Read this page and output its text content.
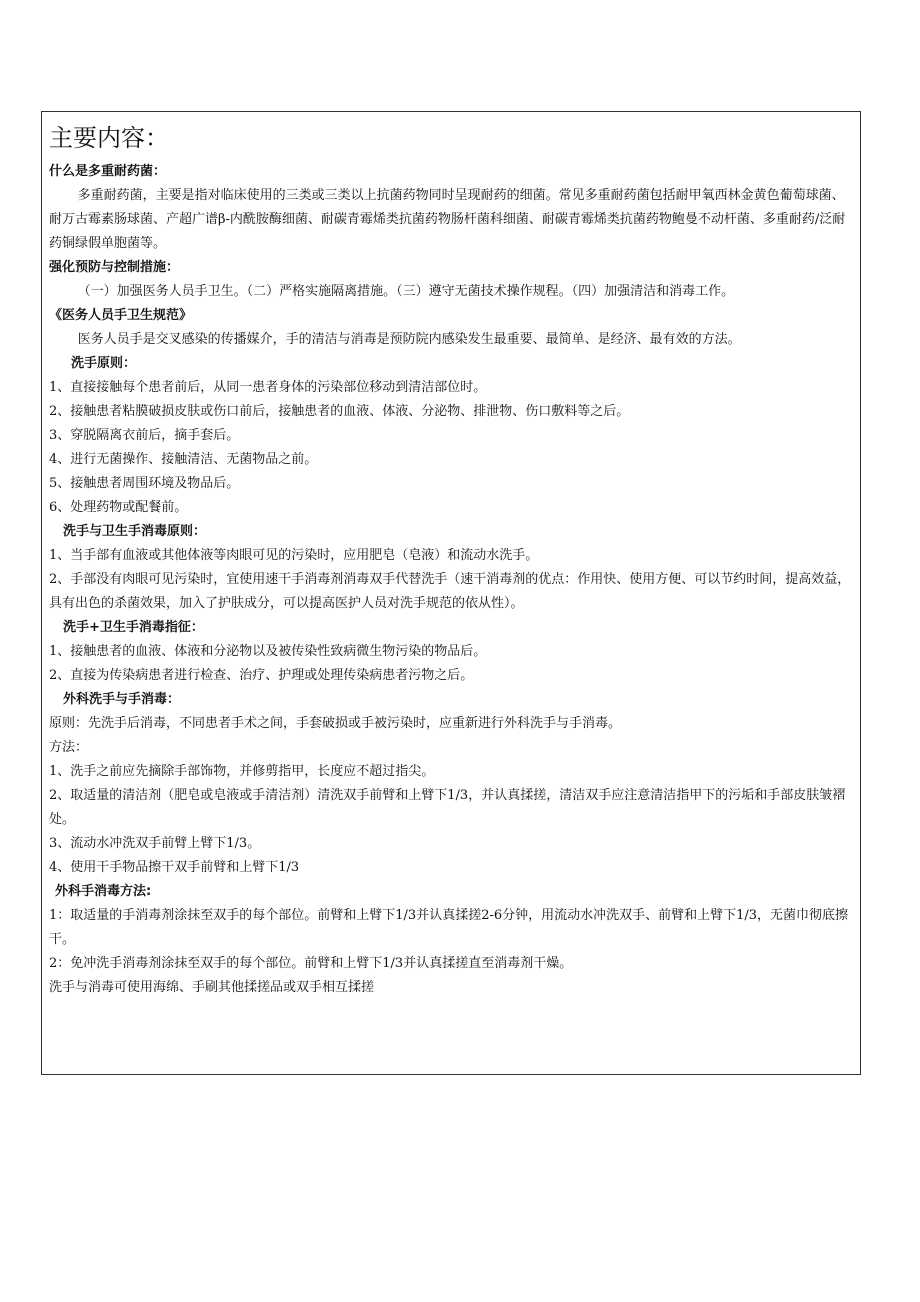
主要内容：
什么是多重耐药菌：
多重耐药菌，主要是指对临床使用的三类或三类以上抗菌药物同时呈现耐药的细菌。常见多重耐药菌包括耐甲氧西林金黄色葡萄球菌、耐万古霉素肠球菌、产超广谱β-内酰胺酶细菌、耐碳青霉烯类抗菌药物肠杆菌科细菌、耐碳青霉烯类抗菌药物鲍曼不动杆菌、多重耐药/泛耐药铜绿假单胞菌等。
强化预防与控制措施：
（一）加强医务人员手卫生。（二）严格实施隔离措施。（三）遵守无菌技术操作规程。（四）加强清洁和消毒工作。
《医务人员手卫生规范》
医务人员手是交叉感染的传播媒介，手的清洁与消毒是预防院内感染发生最重要、最简单、是经济、最有效的方法。
洗手原则：
1、直接接触每个患者前后，从同一患者身体的污染部位移动到清洁部位时。
2、接触患者粘膜破损皮肤或伤口前后，接触患者的血液、体液、分泌物、排泄物、伤口敷料等之后。
3、穿脱隔离衣前后，摘手套后。
4、进行无菌操作、接触清洁、无菌物品之前。
5、接触患者周围环境及物品后。
6、处理药物或配餐前。
洗手与卫生手消毒原则：
1、当手部有血液或其他体液等肉眼可见的污染时，应用肥皂（皂液）和流动水洗手。
2、手部没有肉眼可见污染时，宜使用速干手消毒剂消毒双手代替洗手（速干消毒剂的优点：作用快、使用方便、可以节约时间，提高效益，具有出色的杀菌效果，加入了护肤成分，可以提高医护人员对洗手规范的依从性）。
洗手+卫生手消毒指征：
1、接触患者的血液、体液和分泌物以及被传染性致病微生物污染的物品后。
2、直接为传染病患者进行检查、治疗、护理或处理传染病患者污物之后。
外科洗手与手消毒：
原则：先洗手后消毒，不同患者手术之间，手套破损或手被污染时，应重新进行外科洗手与手消毒。
方法：
1、洗手之前应先摘除手部饰物，并修剪指甲，长度应不超过指尖。
2、取适量的清洁剂（肥皂或皂液或手清洁剂）清洗双手前臂和上臂下1/3，并认真揉搓，清洁双手应注意清洁指甲下的污垢和手部皮肤皱褶处。
3、流动水冲洗双手前臂上臂下1/3。
4、使用干手物品擦干双手前臂和上臂下1/3
外科手消毒方法:
1：取适量的手消毒剂涂抹至双手的每个部位。前臂和上臂下1/3并认真揉搓2-6分钟，用流动水冲洗双手、前臂和上臂下1/3，无菌巾彻底擦干。
2：免冲洗手消毒剂涂抹至双手的每个部位。前臂和上臂下1/3并认真揉搓直至消毒剂干燥。
洗手与消毒可使用海绵、手刷其他揉搓品或双手相互揉搓
